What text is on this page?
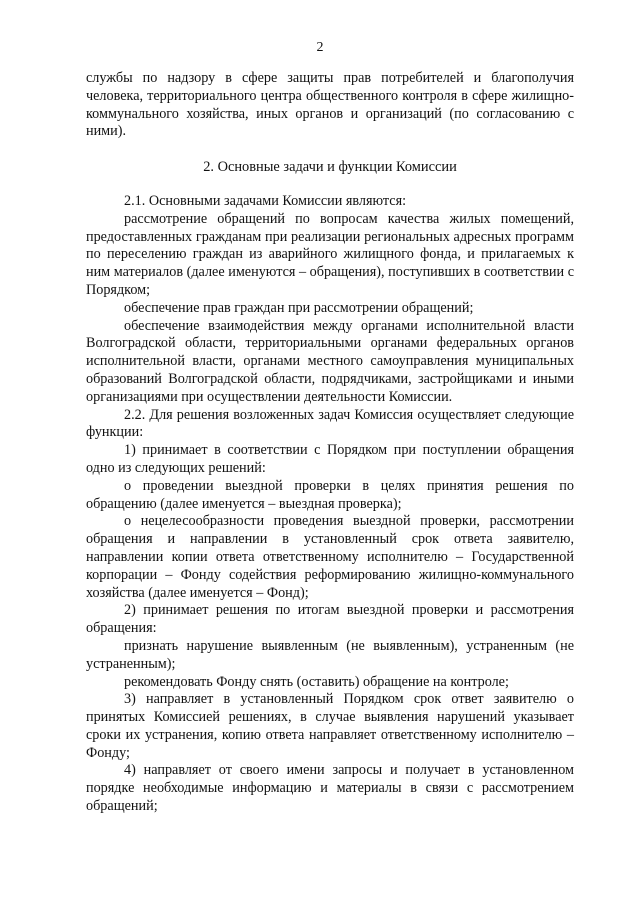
2

службы по надзору в сфере защиты прав потребителей и благополучия человека, территориального центра общественного контроля в сфере жилищно-коммунального хозяйства, иных органов и организаций (по согласованию с ними).

2. Основные задачи и функции Комиссии

2.1. Основными задачами Комиссии являются:

рассмотрение обращений по вопросам качества жилых помещений, предоставленных гражданам при реализации региональных адресных программ по переселению граждан из аварийного жилищного фонда, и прилагаемых к ним материалов (далее именуются – обращения), поступивших в соответствии с Порядком;

обеспечение прав граждан при рассмотрении обращений;

обеспечение взаимодействия между органами исполнительной власти Волгоградской области, территориальными органами федеральных органов исполнительной власти, органами местного самоуправления муниципальных образований Волгоградской области, подрядчиками, застройщиками и иными организациями при осуществлении деятельности Комиссии.

2.2. Для решения возложенных задач Комиссия осуществляет следующие функции:

1) принимает в соответствии с Порядком при поступлении обращения одно из следующих решений:

о проведении выездной проверки в целях принятия решения по обращению (далее именуется – выездная проверка);

о нецелесообразности проведения выездной проверки, рассмотрении обращения и направлении в установленный срок ответа заявителю, направлении копии ответа ответственному исполнителю – Государственной корпорации – Фонду содействия реформированию жилищно-коммунального хозяйства (далее именуется – Фонд);

2) принимает решения по итогам выездной проверки и рассмотрения обращения:

признать нарушение выявленным (не выявленным), устраненным (не устраненным);

рекомендовать Фонду снять (оставить) обращение на контроле;

3) направляет в установленный Порядком срок ответ заявителю о принятых Комиссией решениях, в случае выявления нарушений указывает сроки их устранения, копию ответа направляет ответственному исполнителю – Фонду;

4) направляет от своего имени запросы и получает в установленном порядке необходимые информацию и материалы в связи с рассмотрением обращений;
